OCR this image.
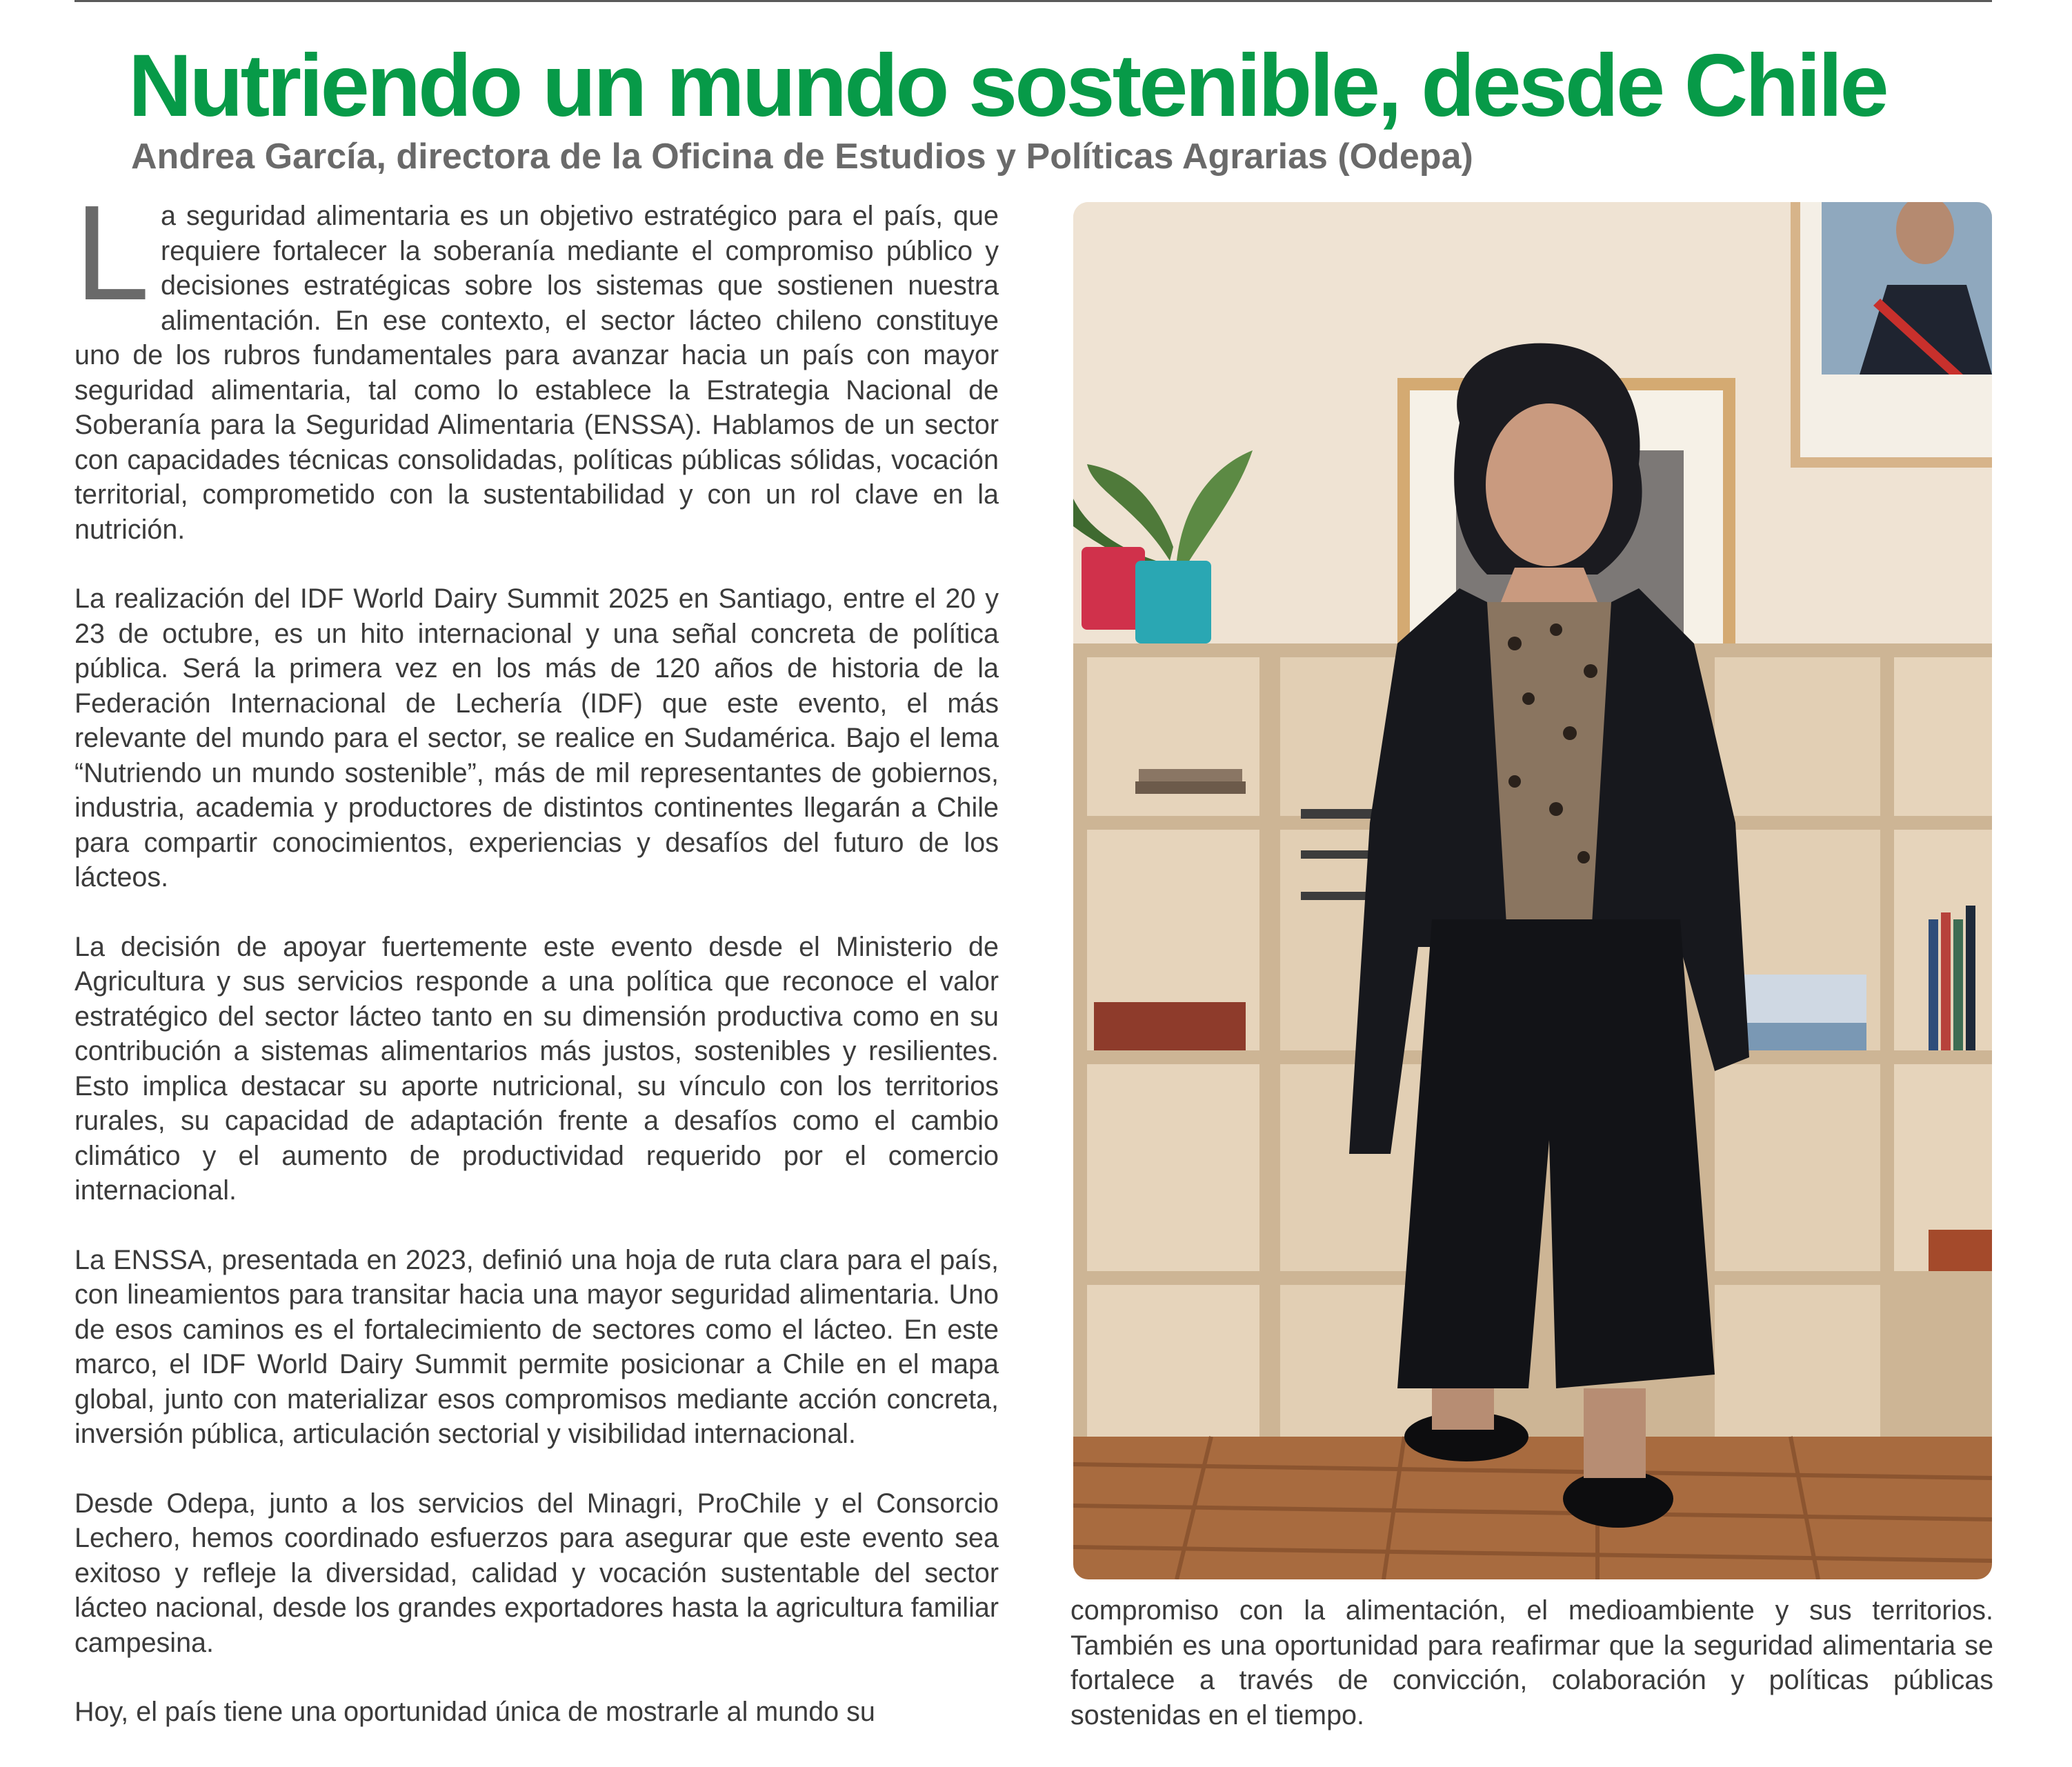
Nutriendo un mundo sostenible, desde Chile
Andrea García, directora de la Oficina de Estudios y Políticas Agrarias (Odepa)

La seguridad alimentaria es un objetivo estratégico para el país, que requiere fortalecer la soberanía mediante el compromiso público y decisiones estratégicas sobre los sistemas que sostienen nuestra alimentación. En ese contexto, el sector lácteo chileno constituye uno de los rubros fundamentales para avanzar hacia un país con mayor seguridad alimentaria, tal como lo establece la Estrategia Nacional de Soberanía para la Seguridad Alimentaria (ENSSA). Hablamos de un sector con capacidades técnicas consolidadas, políticas públicas sólidas, vocación territorial, comprometido con la sustentabilidad y con un rol clave en la nutrición.

La realización del IDF World Dairy Summit 2025 en Santiago, entre el 20 y 23 de octubre, es un hito internacional y una señal concreta de política pública. Será la primera vez en los más de 120 años de historia de la Federación Internacional de Lechería (IDF) que este evento, el más relevante del mundo para el sector, se realice en Sudamérica. Bajo el lema “Nutriendo un mundo sostenible”, más de mil representantes de gobiernos, industria, academia y productores de distintos continentes llegarán a Chile para compartir conocimientos, experiencias y desafíos del futuro de los lácteos.

La decisión de apoyar fuertemente este evento desde el Ministerio de Agricultura y sus servicios responde a una política que reconoce el valor estratégico del sector lácteo tanto en su dimensión productiva como en su contribución a sistemas alimentarios más justos, sostenibles y resilientes. Esto implica destacar su aporte nutricional, su vínculo con los territorios rurales, su capacidad de adaptación frente a desafíos como el cambio climático y el aumento de productividad requerido por el comercio internacional.

La ENSSA, presentada en 2023, definió una hoja de ruta clara para el país, con lineamientos para transitar hacia una mayor seguridad alimentaria. Uno de esos caminos es el fortalecimiento de sectores como el lácteo. En este marco, el IDF World Dairy Summit permite posicionar a Chile en el mapa global, junto con materializar esos compromisos mediante acción concreta, inversión pública, articulación sectorial y visibilidad internacional.

Desde Odepa, junto a los servicios del Minagri, ProChile y el Consorcio Lechero, hemos coordinado esfuerzos para asegurar que este evento sea exitoso y refleje la diversidad, calidad y vocación sustentable del sector lácteo nacional, desde los grandes exportadores hasta la agricultura familiar campesina.

Hoy, el país tiene una oportunidad única de mostrarle al mundo su

compromiso con la alimentación, el medioambiente y sus territorios. También es una oportunidad para reafirmar que la seguridad alimentaria se fortalece a través de convicción, colaboración y políticas públicas sostenidas en el tiempo.
